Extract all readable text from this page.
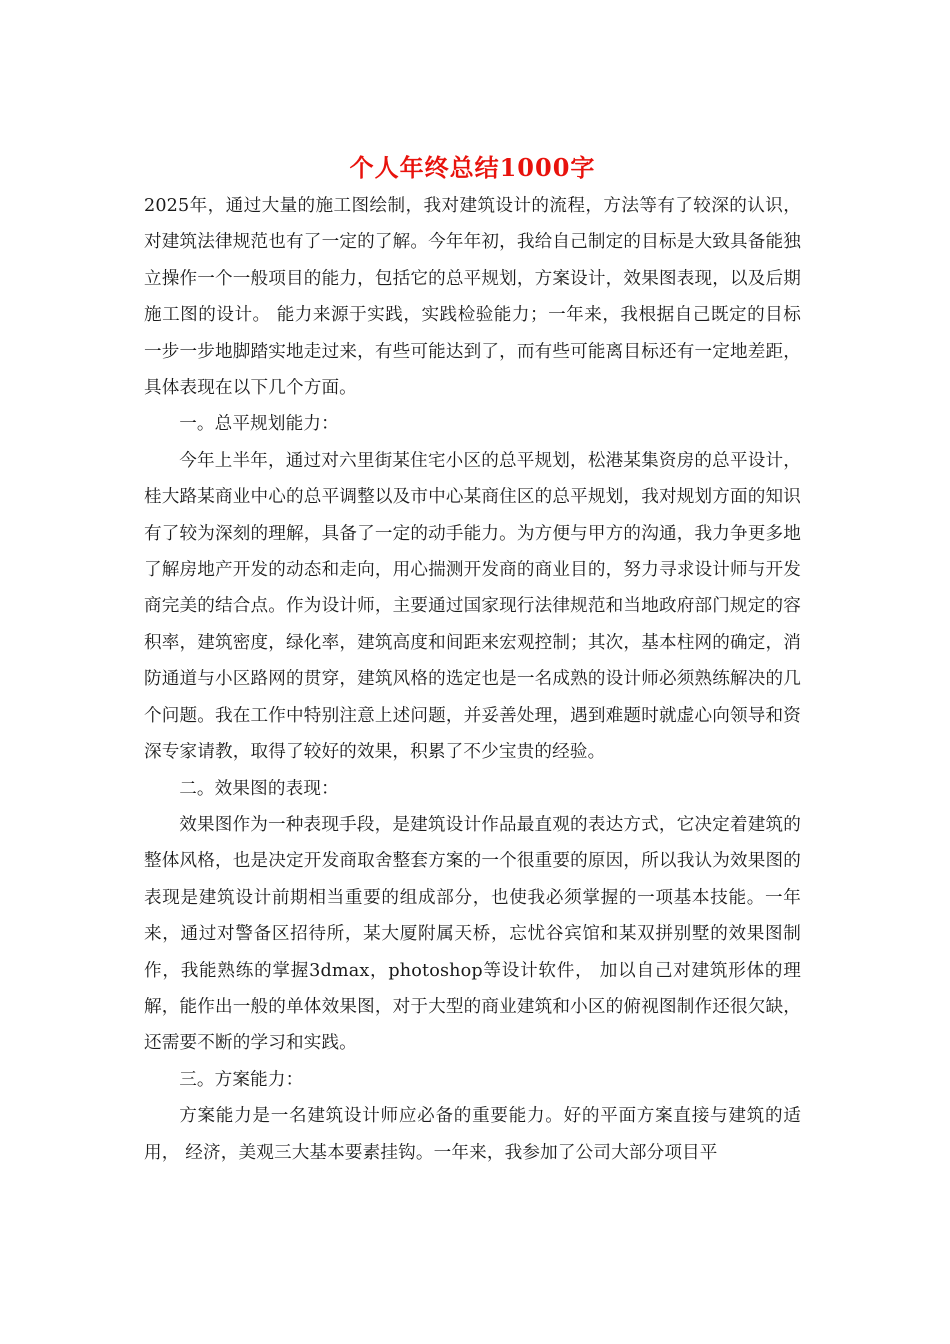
个人年终总结1000字

2025年，通过大量的施工图绘制，我对建筑设计的流程，方法等有了较深的认识，对建筑法律规范也有了一定的了解。今年年初，我给自己制定的目标是大致具备能独立操作一个一般项目的能力，包括它的总平规划，方案设计，效果图表现，以及后期施工图的设计。 能力来源于实践，实践检验能力；一年来，我根据自己既定的目标一步一步地脚踏实地走过来，有些可能达到了，而有些可能离目标还有一定地差距，具体表现在以下几个方面。

一。总平规划能力：

今年上半年，通过对六里街某住宅小区的总平规划，松港某集资房的总平设计，桂大路某商业中心的总平调整以及市中心某商住区的总平规划，我对规划方面的知识有了较为深刻的理解，具备了一定的动手能力。为方便与甲方的沟通，我力争更多地了解房地产开发的动态和走向，用心揣测开发商的商业目的，努力寻求设计师与开发商完美的结合点。作为设计师，主要通过国家现行法律规范和当地政府部门规定的容积率，建筑密度，绿化率，建筑高度和间距来宏观控制；其次，基本柱网的确定，消防通道与小区路网的贯穿，建筑风格的选定也是一名成熟的设计师必须熟练解决的几个问题。我在工作中特别注意上述问题，并妥善处理，遇到难题时就虚心向领导和资深专家请教，取得了较好的效果，积累了不少宝贵的经验。

二。效果图的表现：

效果图作为一种表现手段，是建筑设计作品最直观的表达方式，它决定着建筑的整体风格，也是决定开发商取舍整套方案的一个很重要的原因，所以我认为效果图的表现是建筑设计前期相当重要的组成部分，也使我必须掌握的一项基本技能。一年来，通过对警备区招待所，某大厦附属天桥，忘忧谷宾馆和某双拼别墅的效果图制作，我能熟练的掌握3dmax，photoshop等设计软件， 加以自己对建筑形体的理解，能作出一般的单体效果图，对于大型的商业建筑和小区的俯视图制作还很欠缺，还需要不断的学习和实践。

三。方案能力：

方案能力是一名建筑设计师应必备的重要能力。好的平面方案直接与建筑的适用， 经济，美观三大基本要素挂钩。一年来，我参加了公司大部分项目平
